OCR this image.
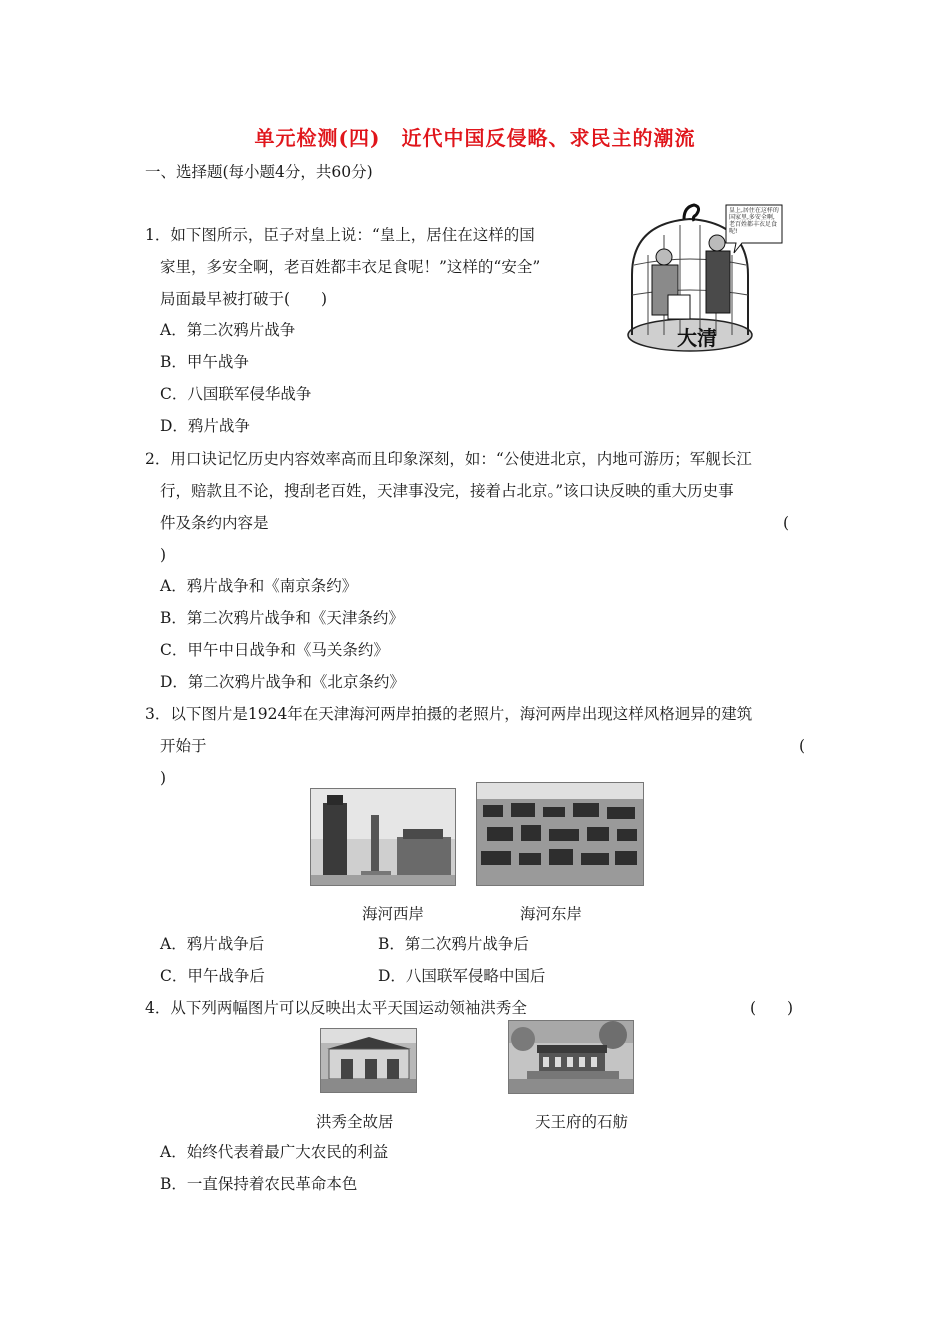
单元检测(四)　近代中国反侵略、求民主的潮流
一、选择题(每小题4分，共60分)
1．如下图所示，臣子对皇上说：“皇上，居住在这样的国
家里，多安全啊，老百姓都丰衣足食呢！”这样的“安全”
局面最早被打破于(　　)
A．第二次鸦片战争
B．甲午战争
C．八国联军侵华战争
D．鸦片战争
大清
皇上,居住在这样的国家里,多安全啊,老百姓都丰衣足食呢!
2．用口诀记忆历史内容效率高而且印象深刻，如：“公使进北京，内地可游历；军舰长江
行，赔款且不论，搜刮老百姓，天津事没完，接着占北京。”该口诀反映的重大历史事
件及条约内容是	(
)
A．鸦片战争和《南京条约》
B．第二次鸦片战争和《天津条约》
C．甲午中日战争和《马关条约》
D．第二次鸦片战争和《北京条约》
3．以下图片是1924年在天津海河两岸拍摄的老照片，海河两岸出现这样风格迥异的建筑
开始于	(
)
海河西岸	海河东岸
A．鸦片战争后	B．第二次鸦片战争后
C．甲午战争后	D．八国联军侵略中国后
4．从下列两幅图片可以反映出太平天国运动领袖洪秀全	(　　)
洪秀全故居	天王府的石舫
A．始终代表着最广大农民的利益
B．一直保持着农民革命本色
